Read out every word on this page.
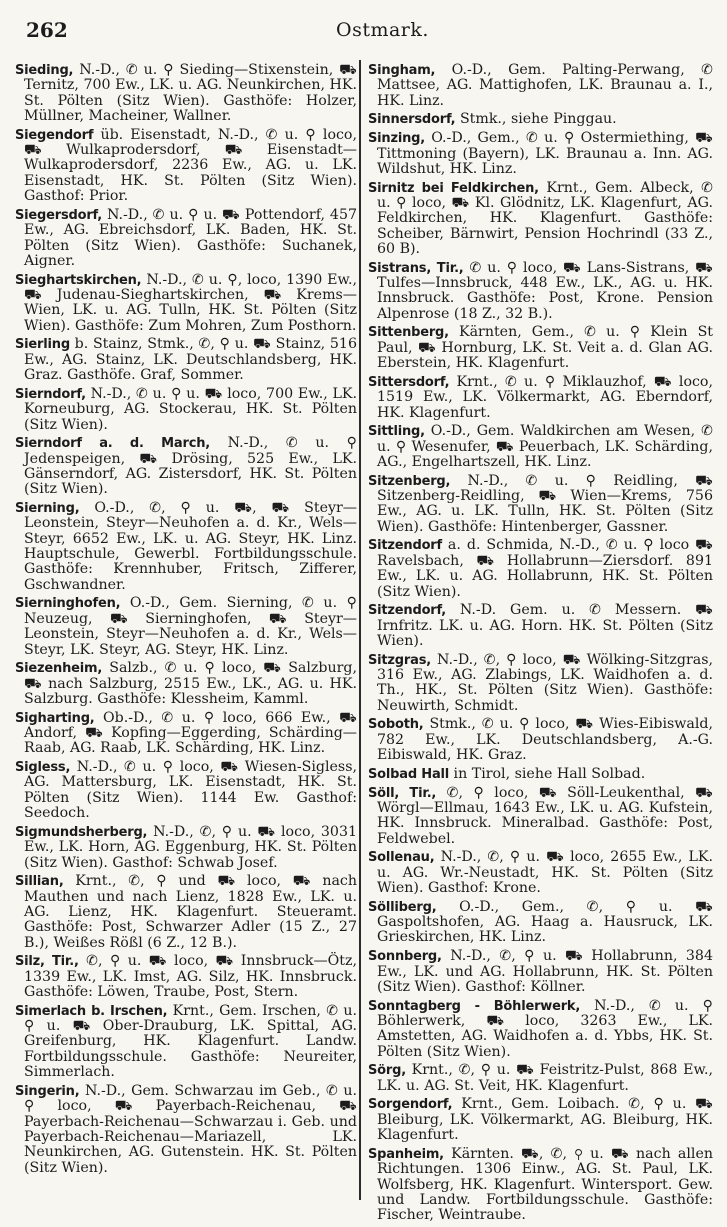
262	Ostmark.
Sieding, N.-D., ✆ u. ⚲ Sieding—Stixenstein, ⛟ Ternitz, 700 Ew., LK. u. AG. Neunkirchen, HK. St. Pölten (Sitz Wien). Gasthöfe: Holzer, Müllner, Macheiner, Wallner.
Siegendorf üb. Eisenstadt, N.-D., ✆ u. ⚲ loco, ⛟ Wulkaprodersdorf, ⛟ Eisenstadt—Wulkaprodersdorf, 2236 Ew., AG. u. LK. Eisenstadt, HK. St. Pölten (Sitz Wien). Gasthof: Prior.
Siegersdorf, N.-D., ✆ u. ⚲ u. ⛟ Pottendorf, 457 Ew., AG. Ebreichsdorf, LK. Baden, HK. St. Pölten (Sitz Wien). Gasthöfe: Suchanek, Aigner.
Sieghartskirchen, N.-D., ✆ u. ⚲, loco, 1390 Ew., ⛟ Judenau-Sieghartskirchen, ⛟ Krems—Wien, LK. u. AG. Tulln, HK. St. Pölten (Sitz Wien). Gasthöfe: Zum Mohren, Zum Posthorn.
Sierling b. Stainz, Stmk., ✆, ⚲ u. ⛟ Stainz, 516 Ew., AG. Stainz, LK. Deutschlandsberg, HK. Graz. Gasthöfe. Graf, Sommer.
Sierndorf, N.-D., ✆ u. ⚲ u. ⛟ loco, 700 Ew., LK. Korneuburg, AG. Stockerau, HK. St. Pölten (Sitz Wien).
Sierndorf a. d. March, N.-D., ✆ u. ⚲ Jedenspeigen, ⛟ Drösing, 525 Ew., LK. Gänserndorf, AG. Zistersdorf, HK. St. Pölten (Sitz Wien).
Sierning, O.-D., ✆, ⚲ u. ⛟, ⛟ Steyr—Leonstein, Steyr—Neuhofen a. d. Kr., Wels—Steyr, 6652 Ew., LK. u. AG. Steyr, HK. Linz. Hauptschule, Gewerbl. Fortbildungsschule. Gasthöfe: Krennhuber, Fritsch, Zifferer, Gschwandner.
Sierninghofen, O.-D., Gem. Sierning, ✆ u. ⚲ Neuzeug, ⛟ Sierninghofen, ⛟ Steyr—Leonstein, Steyr—Neuhofen a. d. Kr., Wels—Steyr, LK. Steyr, AG. Steyr, HK. Linz.
Siezenheim, Salzb., ✆ u. ⚲ loco, ⛟ Salzburg, ⛟ nach Salzburg, 2515 Ew., LK., AG. u. HK. Salzburg. Gasthöfe: Klessheim, Kamml.
Sigharting, Ob.-D., ✆ u. ⚲ loco, 666 Ew., ⛟ Andorf, ⛟ Kopfing—Eggerding, Schärding—Raab, AG. Raab, LK. Schärding, HK. Linz.
Sigless, N.-D., ✆ u. ⚲ loco, ⛟ Wiesen-Sigless, AG. Mattersburg, LK. Eisenstadt, HK. St. Pölten (Sitz Wien). 1144 Ew. Gasthof: Seedoch.
Sigmundsherberg, N.-D., ✆, ⚲ u. ⛟ loco, 3031 Ew., LK. Horn, AG. Eggenburg, HK. St. Pölten (Sitz Wien). Gasthof: Schwab Josef.
Sillian, Krnt., ✆, ⚲ und ⛟ loco, ⛟ nach Mauthen und nach Lienz, 1828 Ew., LK. u. AG. Lienz, HK. Klagenfurt. Steueramt. Gasthöfe: Post, Schwarzer Adler (15 Z., 27 B.), Weißes Rößl (6 Z., 12 B.).
Silz, Tir., ✆, ⚲ u. ⛟ loco, ⛟ Innsbruck—Ötz, 1339 Ew., LK. Imst, AG. Silz, HK. Innsbruck. Gasthöfe: Löwen, Traube, Post, Stern.
Simerlach b. Irschen, Krnt., Gem. Irschen, ✆ u. ⚲ u. ⛟ Ober-Drauburg, LK. Spittal, AG. Greifenburg, HK. Klagenfurt. Landw. Fortbildungsschule. Gasthöfe: Neureiter, Simmerlach.
Singerin, N.-D., Gem. Schwarzau im Geb., ✆ u. ⚲ loco, ⛟ Payerbach-Reichenau, ⛟ Payerbach-Reichenau—Schwarzau i. Geb. und Payerbach-Reichenau—Mariazell, LK. Neunkirchen, AG. Gutenstein. HK. St. Pölten (Sitz Wien).
Singham, O.-D., Gem. Palting-Perwang, ✆ Mattsee, AG. Mattighofen, LK. Braunau a. I., HK. Linz.
Sinnersdorf, Stmk., siehe Pinggau.
Sinzing, O.-D., Gem., ✆ u. ⚲ Ostermiething, ⛟ Tittmoning (Bayern), LK. Braunau a. Inn. AG. Wildshut, HK. Linz.
Sirnitz bei Feldkirchen, Krnt., Gem. Albeck, ✆ u. ⚲ loco, ⛟ Kl. Glödnitz, LK. Klagenfurt, AG. Feldkirchen, HK. Klagenfurt. Gasthöfe: Scheiber, Bärnwirt, Pension Hochrindl (33 Z., 60 B).
Sistrans, Tir., ✆ u. ⚲ loco, ⛟ Lans-Sistrans, ⛟ Tulfes—Innsbruck, 448 Ew., LK., AG. u. HK. Innsbruck. Gasthöfe: Post, Krone. Pension Alpenrose (18 Z., 32 B.).
Sittenberg, Kärnten, Gem., ✆ u. ⚲ Klein St Paul, ⛟ Hornburg, LK. St. Veit a. d. Glan AG. Eberstein, HK. Klagenfurt.
Sittersdorf, Krnt., ✆ u. ⚲ Miklauzhof, ⛟ loco, 1519 Ew., LK. Völkermarkt, AG. Eberndorf, HK. Klagenfurt.
Sittling, O.-D., Gem. Waldkirchen am Wesen, ✆ u. ⚲ Wesenufer, ⛟ Peuerbach, LK. Schärding, AG., Engelhartszell, HK. Linz.
Sitzenberg, N.-D., ✆ u. ⚲ Reidling, ⛟ Sitzenberg-Reidling, ⛟ Wien—Krems, 756 Ew., AG. u. LK. Tulln, HK. St. Pölten (Sitz Wien). Gasthöfe: Hintenberger, Gassner.
Sitzendorf a. d. Schmida, N.-D., ✆ u. ⚲ loco ⛟ Ravelsbach, ⛟ Hollabrunn—Ziersdorf. 891 Ew., LK. u. AG. Hollabrunn, HK. St. Pölten (Sitz Wien).
Sitzendorf, N.-D. Gem. u. ✆ Messern. ⛟ Irnfritz. LK. u. AG. Horn. HK. St. Pölten (Sitz Wien).
Sitzgras, N.-D., ✆, ⚲ loco, ⛟ Wölking-Sitzgras, 316 Ew., AG. Zlabings, LK. Waidhofen a. d. Th., HK., St. Pölten (Sitz Wien). Gasthöfe: Neuwirth, Schmidt.
Soboth, Stmk., ✆ u. ⚲ loco, ⛟ Wies-Eibiswald, 782 Ew., LK. Deutschlandsberg, A.-G. Eibiswald, HK. Graz.
Solbad Hall in Tirol, siehe Hall Solbad.
Söll, Tir., ✆, ⚲ loco, ⛟ Söll-Leukenthal, ⛟ Wörgl—Ellmau, 1643 Ew., LK. u. AG. Kufstein, HK. Innsbruck. Mineralbad. Gasthöfe: Post, Feldwebel.
Sollenau, N.-D., ✆, ⚲ u. ⛟ loco, 2655 Ew., LK. u. AG. Wr.-Neustadt, HK. St. Pölten (Sitz Wien). Gasthof: Krone.
Sölliberg, O.-D., Gem., ✆, ⚲ u. ⛟ Gaspoltshofen, AG. Haag a. Hausruck, LK. Grieskirchen, HK. Linz.
Sonnberg, N.-D., ✆, ⚲ u. ⛟ Hollabrunn, 384 Ew., LK. und AG. Hollabrunn, HK. St. Pölten (Sitz Wien). Gasthof: Köllner.
Sonntagberg - Böhlerwerk, N.-D., ✆ u. ⚲ Böhlerwerk, ⛟ loco, 3263 Ew., LK. Amstetten, AG. Waidhofen a. d. Ybbs, HK. St. Pölten (Sitz Wien).
Sörg, Krnt., ✆, ⚲ u. ⛟ Feistritz-Pulst, 868 Ew., LK. u. AG. St. Veit, HK. Klagenfurt.
Sorgendorf, Krnt., Gem. Loibach. ✆, ⚲ u. ⛟ Bleiburg, LK. Völkermarkt, AG. Bleiburg, HK. Klagenfurt.
Spanheim, Kärnten. ⛟, ✆, ⚲ u. ⛟ nach allen Richtungen. 1306 Einw., AG. St. Paul, LK. Wolfsberg, HK. Klagenfurt. Wintersport. Gew. und Landw. Fortbildungsschule. Gasthöfe: Fischer, Weintraube.
